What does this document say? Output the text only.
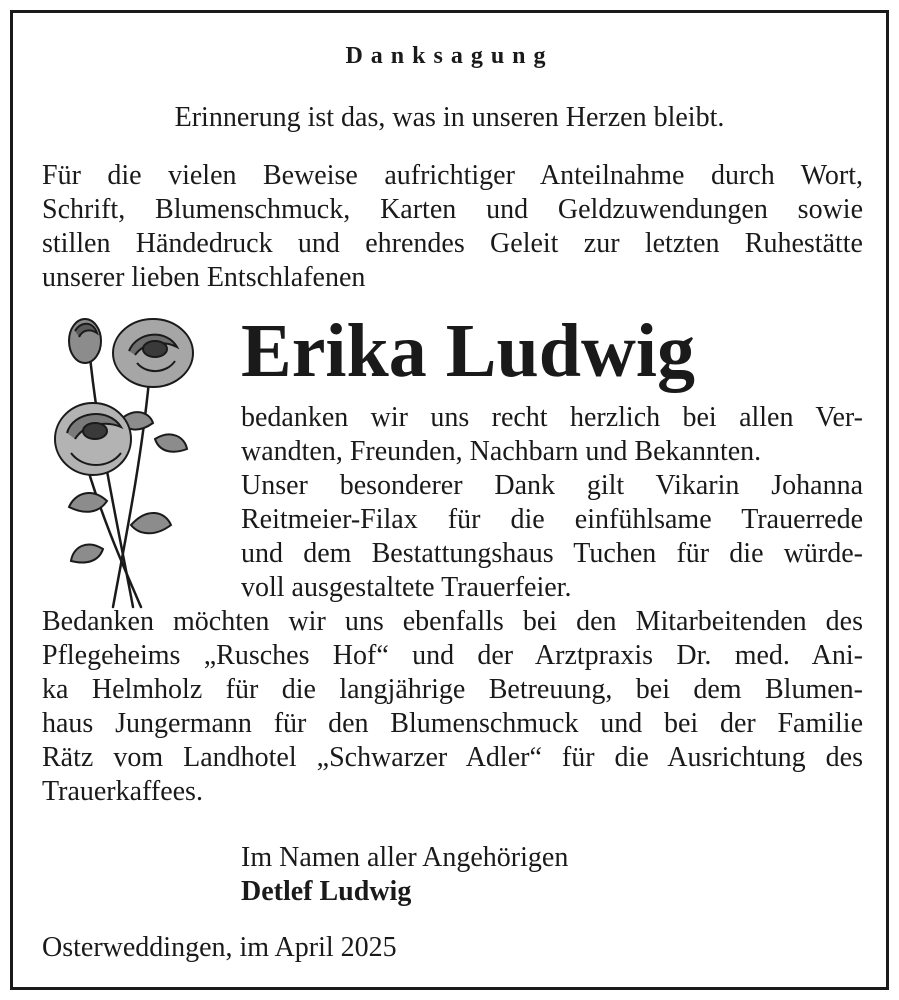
Danksagung
Erinnerung ist das, was in unseren Herzen bleibt.
Für die vielen Beweise aufrichtiger Anteilnahme durch Wort,
Schrift, Blumenschmuck, Karten und Geldzuwendungen sowie
stillen Händedruck und ehrendes Geleit zur letzten Ruhestätte
unserer lieben Entschlafenen
Erika Ludwig
bedanken wir uns recht herzlich bei allen Ver-
wandten, Freunden, Nachbarn und Bekannten.
Unser besonderer Dank gilt Vikarin Johanna
Reitmeier-Filax für die einfühlsame Trauerrede
und dem Bestattungshaus Tuchen für die würde-
voll ausgestaltete Trauerfeier.
Bedanken möchten wir uns ebenfalls bei den Mitarbeitenden des
Pflegeheims „Rusches Hof“ und der Arztpraxis Dr. med. Ani-
ka Helmholz für die langjährige Betreuung, bei dem Blumen-
haus Jungermann für den Blumenschmuck und bei der Familie
Rätz vom Landhotel „Schwarzer Adler“ für die Ausrichtung des
Trauerkaffees.
Im Namen aller Angehörigen
Detlef Ludwig
Osterweddingen, im April 2025
